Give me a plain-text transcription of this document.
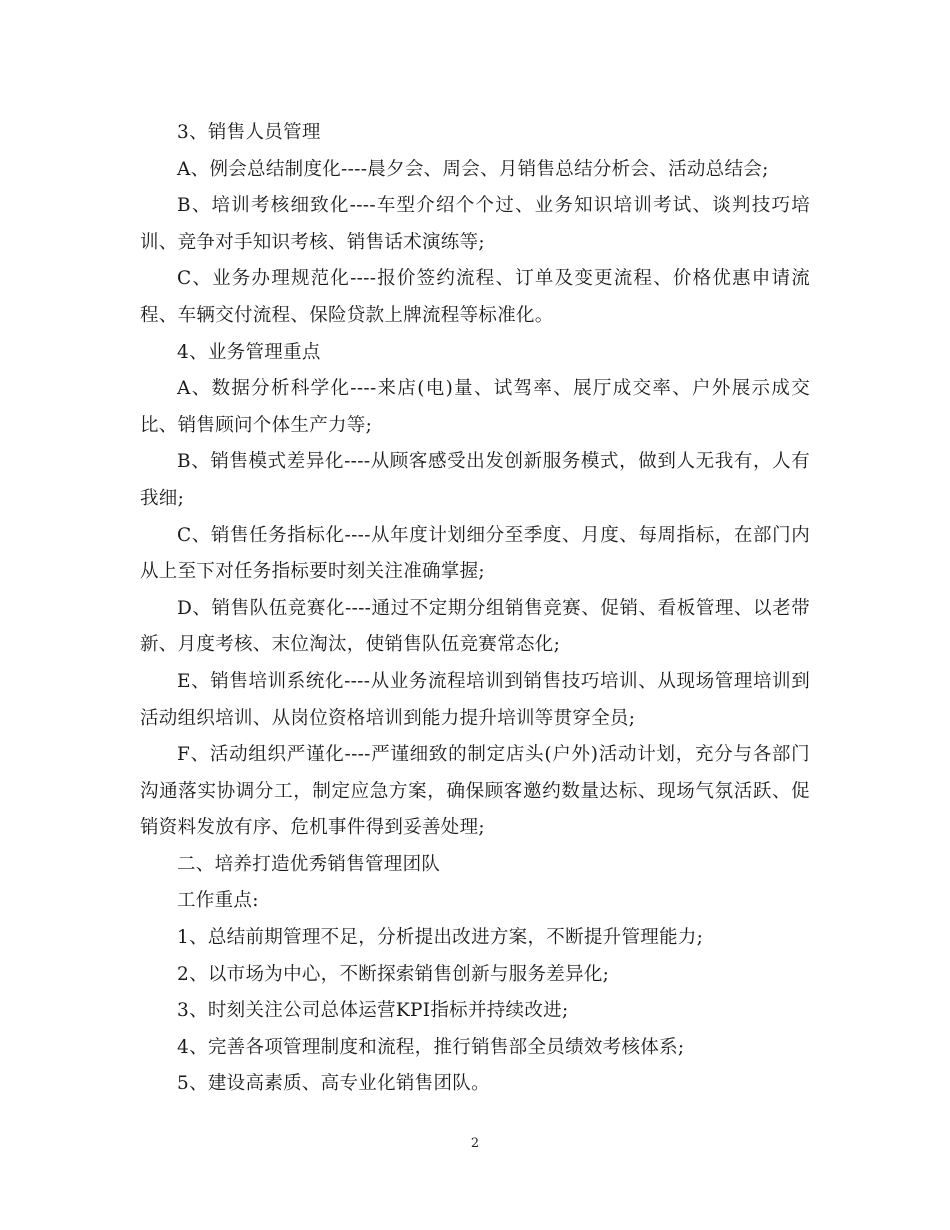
3、销售人员管理

A、例会总结制度化----晨夕会、周会、月销售总结分析会、活动总结会;

B、培训考核细致化----车型介绍个个过、业务知识培训考试、谈判技巧培训、竞争对手知识考核、销售话术演练等;

C、业务办理规范化----报价签约流程、订单及变更流程、价格优惠申请流程、车辆交付流程、保险贷款上牌流程等标准化。

4、业务管理重点

A、数据分析科学化----来店(电)量、试驾率、展厅成交率、户外展示成交比、销售顾问个体生产力等;

B、销售模式差异化----从顾客感受出发创新服务模式，做到人无我有，人有我细;

C、销售任务指标化----从年度计划细分至季度、月度、每周指标，在部门内从上至下对任务指标要时刻关注准确掌握;

D、销售队伍竞赛化----通过不定期分组销售竞赛、促销、看板管理、以老带新、月度考核、末位淘汰，使销售队伍竞赛常态化;

E、销售培训系统化----从业务流程培训到销售技巧培训、从现场管理培训到活动组织培训、从岗位资格培训到能力提升培训等贯穿全员;

F、活动组织严谨化----严谨细致的制定店头(户外)活动计划，充分与各部门沟通落实协调分工，制定应急方案，确保顾客邀约数量达标、现场气氛活跃、促销资料发放有序、危机事件得到妥善处理;

二、培养打造优秀销售管理团队

工作重点:

1、总结前期管理不足，分析提出改进方案，不断提升管理能力;

2、以市场为中心，不断探索销售创新与服务差异化;

3、时刻关注公司总体运营KPI指标并持续改进;

4、完善各项管理制度和流程，推行销售部全员绩效考核体系;

5、建设高素质、高专业化销售团队。

2
